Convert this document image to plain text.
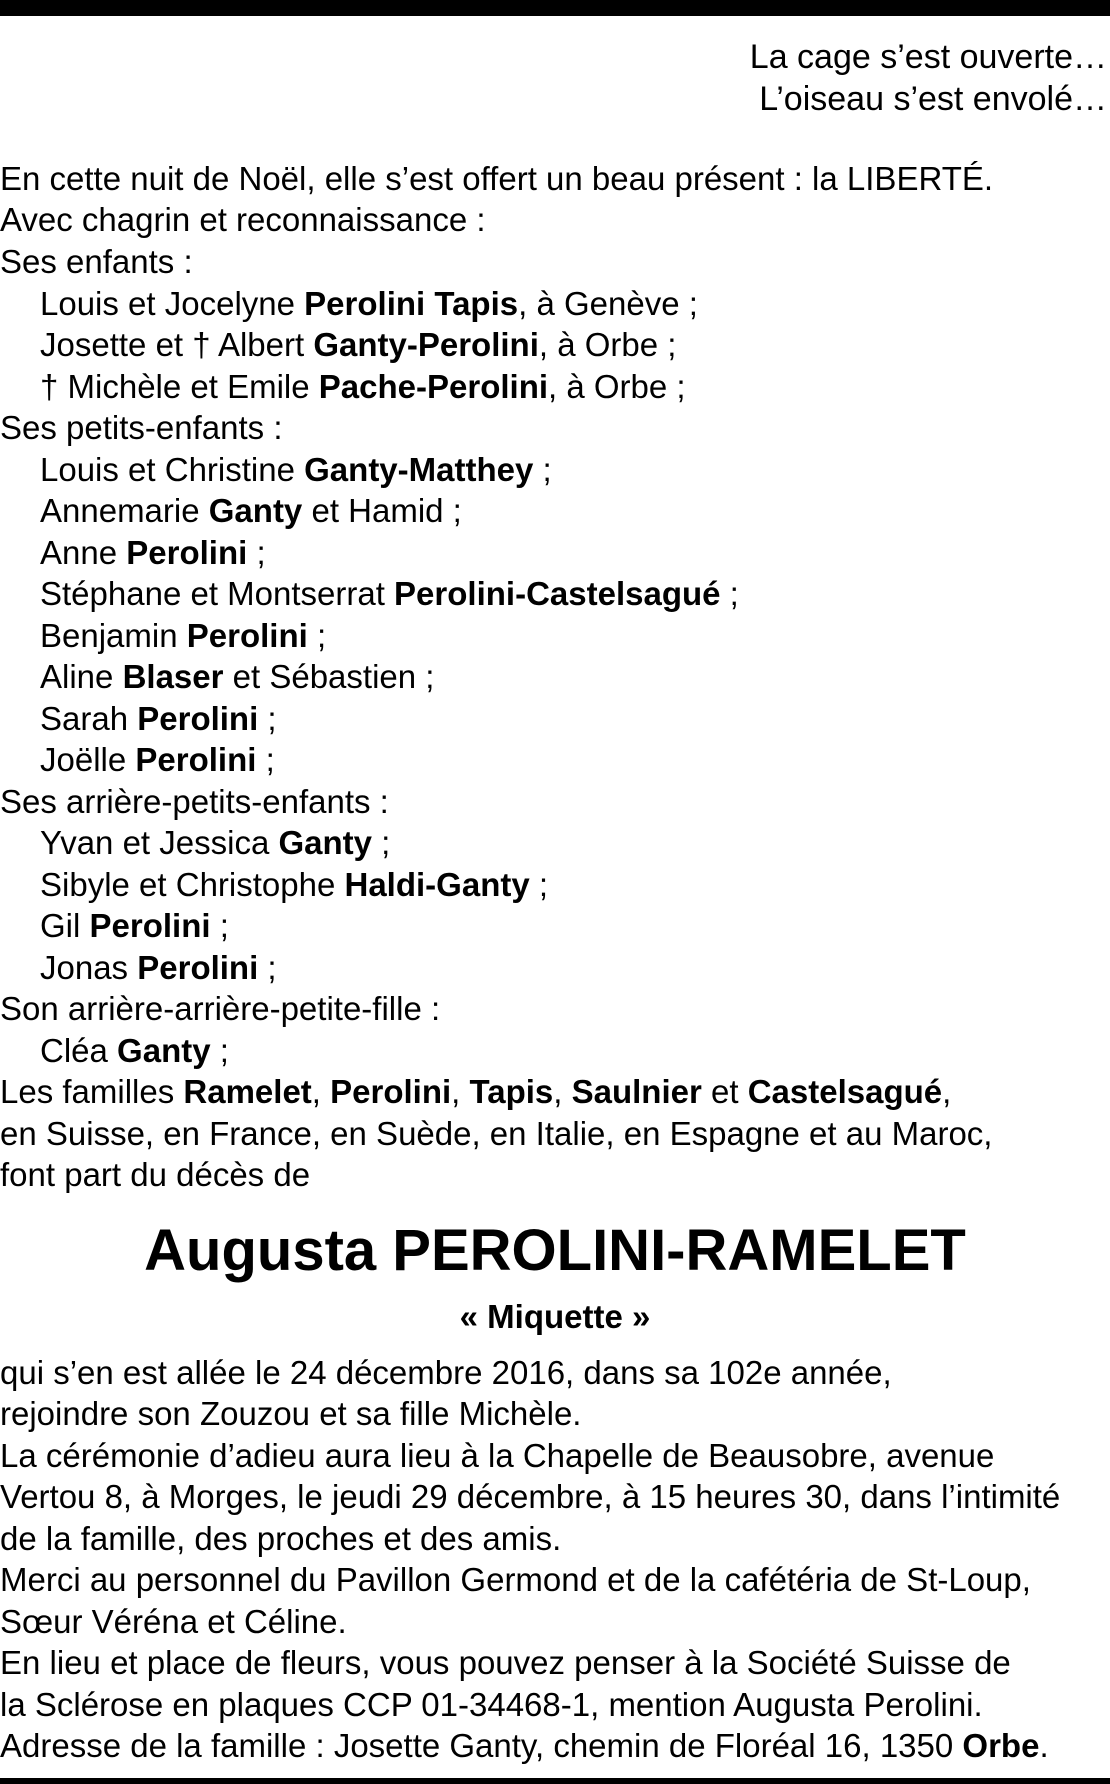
La cage s’est ouverte…
L’oiseau s’est envolé…
En cette nuit de Noël, elle s’est offert un beau présent : la LIBERTÉ.
Avec chagrin et reconnaissance :
Ses enfants :
Louis et Jocelyne Perolini Tapis, à Genève ;
Josette et † Albert Ganty-Perolini, à Orbe ;
† Michèle et Emile Pache-Perolini, à Orbe ;
Ses petits-enfants :
Louis et Christine Ganty-Matthey ;
Annemarie Ganty et Hamid ;
Anne Perolini ;
Stéphane et Montserrat Perolini-Castelsagué ;
Benjamin Perolini ;
Aline Blaser et Sébastien ;
Sarah Perolini ;
Joëlle Perolini ;
Ses arrière-petits-enfants :
Yvan et Jessica Ganty ;
Sibyle et Christophe Haldi-Ganty ;
Gil Perolini ;
Jonas Perolini ;
Son arrière-arrière-petite-fille :
Cléa Ganty ;
Les familles Ramelet, Perolini, Tapis, Saulnier et Castelsagué,
en Suisse, en France, en Suède, en Italie, en Espagne et au Maroc,
font part du décès de
Augusta PEROLINI-RAMELET
« Miquette »
qui s’en est allée le 24 décembre 2016, dans sa 102e année,
rejoindre son Zouzou et sa fille Michèle.
La cérémonie d’adieu aura lieu à la Chapelle de Beausobre, avenue
Vertou 8, à Morges, le jeudi 29 décembre, à 15 heures 30, dans l’intimité
de la famille, des proches et des amis.
Merci au personnel du Pavillon Germond et de la cafétéria de St-Loup,
Sœur Véréna et Céline.
En lieu et place de fleurs, vous pouvez penser à la Société Suisse de
la Sclérose en plaques CCP 01-34468-1, mention Augusta Perolini.
Adresse de la famille : Josette Ganty, chemin de Floréal 16, 1350 Orbe.
